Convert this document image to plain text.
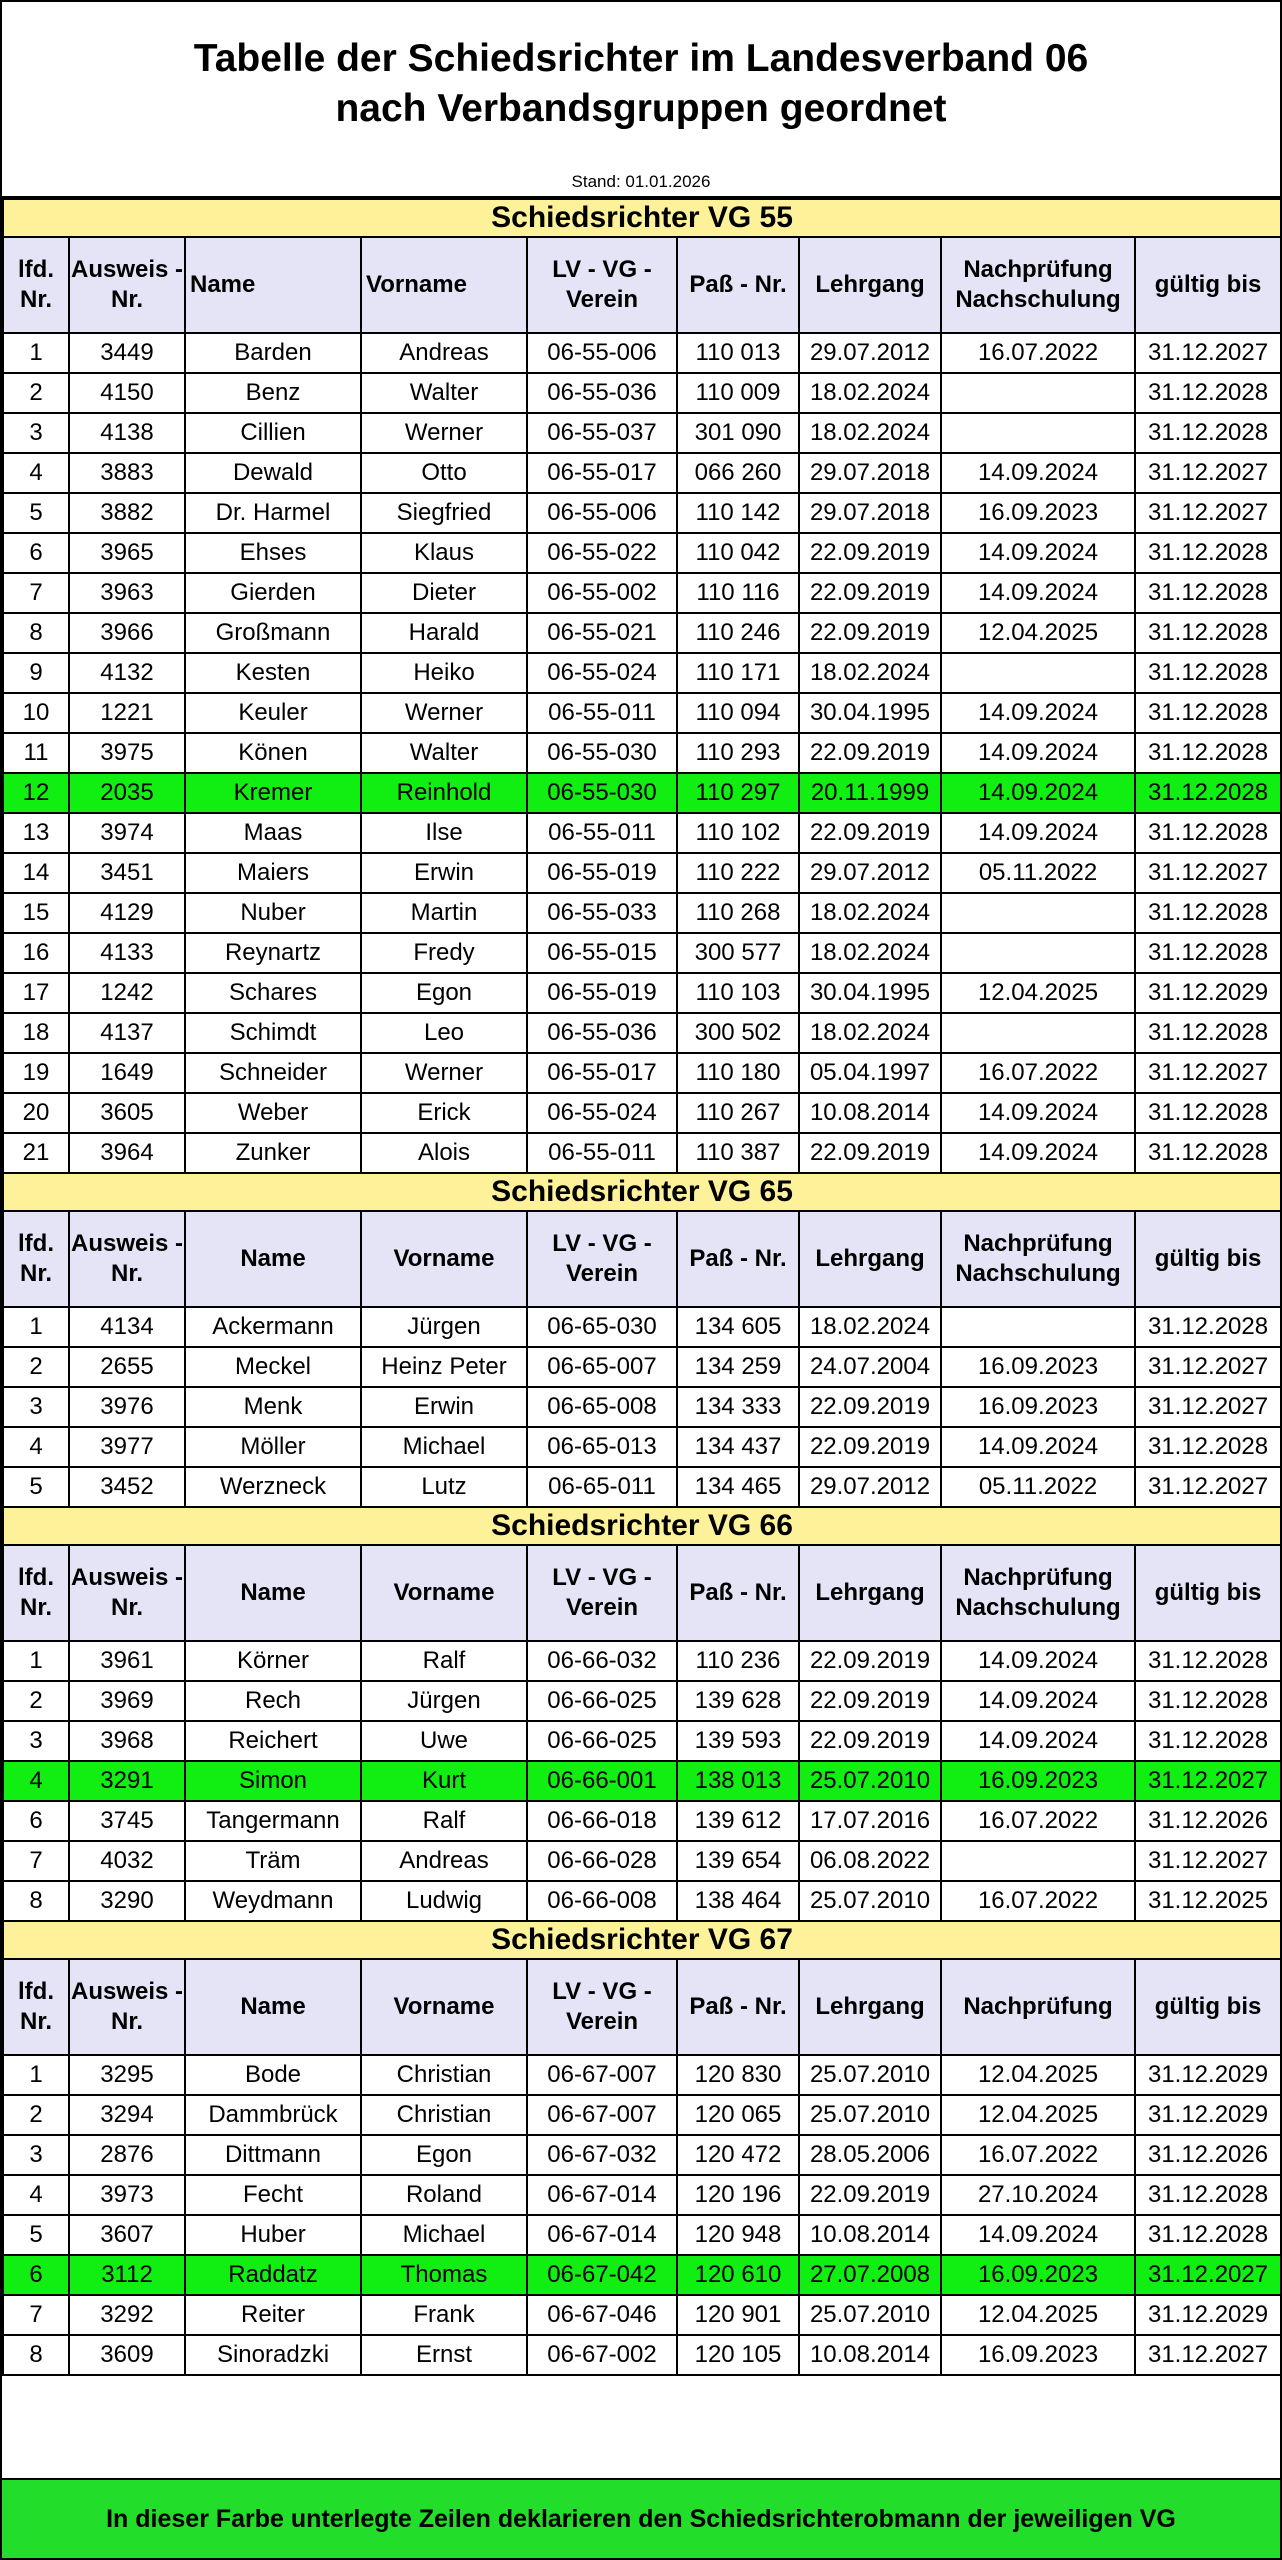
Tabelle der Schiedsrichter im Landesverband 06
nach Verbandsgruppen geordnet
Stand: 01.01.2026
Schiedsrichter VG 55								
lfd. Nr.	Ausweis - Nr.	Name	Vorname	LV - VG - Verein	Paß - Nr.	Lehrgang	Nachprüfung Nachschulung	gültig bis
1	3449	Barden	Andreas	06-55-006	110 013	29.07.2012	16.07.2022	31.12.2027
2	4150	Benz	Walter	06-55-036	110 009	18.02.2024		31.12.2028
3	4138	Cillien	Werner	06-55-037	301 090	18.02.2024		31.12.2028
4	3883	Dewald	Otto	06-55-017	066 260	29.07.2018	14.09.2024	31.12.2027
5	3882	Dr. Harmel	Siegfried	06-55-006	110 142	29.07.2018	16.09.2023	31.12.2027
6	3965	Ehses	Klaus	06-55-022	110 042	22.09.2019	14.09.2024	31.12.2028
7	3963	Gierden	Dieter	06-55-002	110 116	22.09.2019	14.09.2024	31.12.2028
8	3966	Großmann	Harald	06-55-021	110 246	22.09.2019	12.04.2025	31.12.2028
9	4132	Kesten	Heiko	06-55-024	110 171	18.02.2024		31.12.2028
10	1221	Keuler	Werner	06-55-011	110 094	30.04.1995	14.09.2024	31.12.2028
11	3975	Könen	Walter	06-55-030	110 293	22.09.2019	14.09.2024	31.12.2028
12	2035	Kremer	Reinhold	06-55-030	110 297	20.11.1999	14.09.2024	31.12.2028
13	3974	Maas	Ilse	06-55-011	110 102	22.09.2019	14.09.2024	31.12.2028
14	3451	Maiers	Erwin	06-55-019	110 222	29.07.2012	05.11.2022	31.12.2027
15	4129	Nuber	Martin	06-55-033	110 268	18.02.2024		31.12.2028
16	4133	Reynartz	Fredy	06-55-015	300 577	18.02.2024		31.12.2028
17	1242	Schares	Egon	06-55-019	110 103	30.04.1995	12.04.2025	31.12.2029
18	4137	Schimdt	Leo	06-55-036	300 502	18.02.2024		31.12.2028
19	1649	Schneider	Werner	06-55-017	110 180	05.04.1997	16.07.2022	31.12.2027
20	3605	Weber	Erick	06-55-024	110 267	10.08.2014	14.09.2024	31.12.2028
21	3964	Zunker	Alois	06-55-011	110 387	22.09.2019	14.09.2024	31.12.2028
Schiedsrichter VG 65								
lfd. Nr.	Ausweis - Nr.	Name	Vorname	LV - VG - Verein	Paß - Nr.	Lehrgang	Nachprüfung Nachschulung	gültig bis
1	4134	Ackermann	Jürgen	06-65-030	134 605	18.02.2024		31.12.2028
2	2655	Meckel	Heinz Peter	06-65-007	134 259	24.07.2004	16.09.2023	31.12.2027
3	3976	Menk	Erwin	06-65-008	134 333	22.09.2019	16.09.2023	31.12.2027
4	3977	Möller	Michael	06-65-013	134 437	22.09.2019	14.09.2024	31.12.2028
5	3452	Werzneck	Lutz	06-65-011	134 465	29.07.2012	05.11.2022	31.12.2027
Schiedsrichter VG 66								
lfd. Nr.	Ausweis - Nr.	Name	Vorname	LV - VG - Verein	Paß - Nr.	Lehrgang	Nachprüfung Nachschulung	gültig bis
1	3961	Körner	Ralf	06-66-032	110 236	22.09.2019	14.09.2024	31.12.2028
2	3969	Rech	Jürgen	06-66-025	139 628	22.09.2019	14.09.2024	31.12.2028
3	3968	Reichert	Uwe	06-66-025	139 593	22.09.2019	14.09.2024	31.12.2028
4	3291	Simon	Kurt	06-66-001	138 013	25.07.2010	16.09.2023	31.12.2027
6	3745	Tangermann	Ralf	06-66-018	139 612	17.07.2016	16.07.2022	31.12.2026
7	4032	Träm	Andreas	06-66-028	139 654	06.08.2022		31.12.2027
8	3290	Weydmann	Ludwig	06-66-008	138 464	25.07.2010	16.07.2022	31.12.2025
Schiedsrichter VG 67								
lfd. Nr.	Ausweis - Nr.	Name	Vorname	LV - VG - Verein	Paß - Nr.	Lehrgang	Nachprüfung	gültig bis
1	3295	Bode	Christian	06-67-007	120 830	25.07.2010	12.04.2025	31.12.2029
2	3294	Dammbrück	Christian	06-67-007	120 065	25.07.2010	12.04.2025	31.12.2029
3	2876	Dittmann	Egon	06-67-032	120 472	28.05.2006	16.07.2022	31.12.2026
4	3973	Fecht	Roland	06-67-014	120 196	22.09.2019	27.10.2024	31.12.2028
5	3607	Huber	Michael	06-67-014	120 948	10.08.2014	14.09.2024	31.12.2028
6	3112	Raddatz	Thomas	06-67-042	120 610	27.07.2008	16.09.2023	31.12.2027
7	3292	Reiter	Frank	06-67-046	120 901	25.07.2010	12.04.2025	31.12.2029
8	3609	Sinoradzki	Ernst	06-67-002	120 105	10.08.2014	16.09.2023	31.12.2027
In dieser Farbe unterlegte Zeilen deklarieren den Schiedsrichterobmann der jeweiligen VG
